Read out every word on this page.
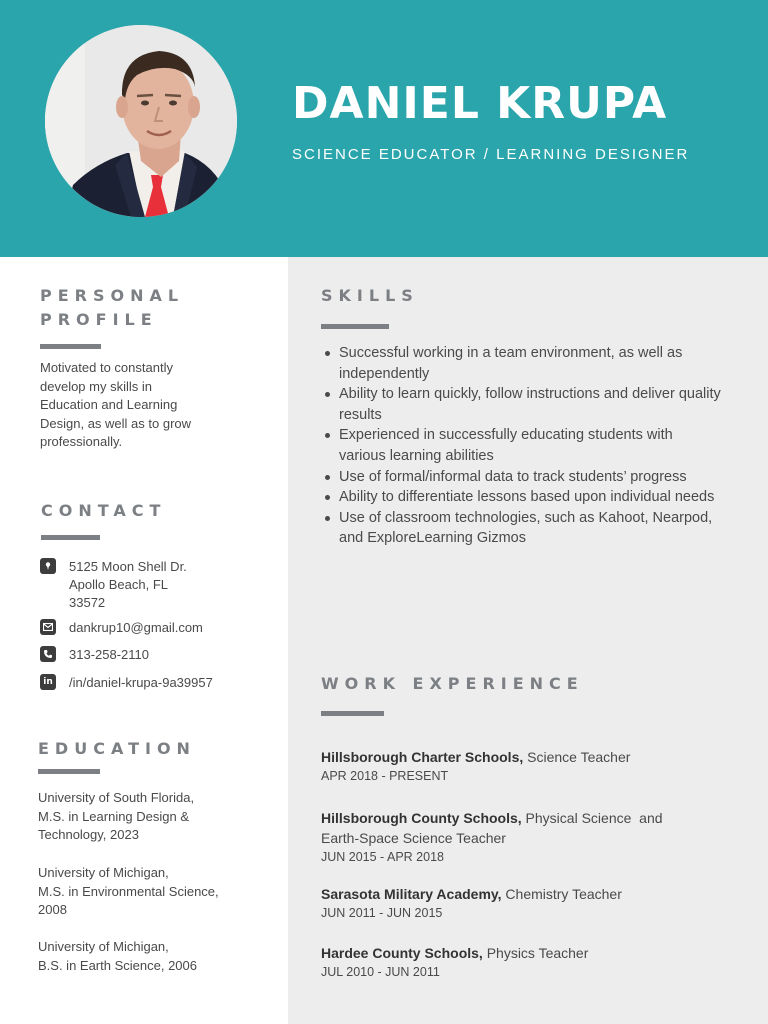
DANIEL KRUPA
SCIENCE EDUCATOR / LEARNING DESIGNER
PERSONAL
PROFILE
Motivated to constantly
develop my skills in
Education and Learning
Design, as well as to grow
professionally.
CONTACT
5125 Moon Shell Dr.
Apollo Beach, FL
33572
dankrup10@gmail.com
313-258-2110
in /in/daniel-krupa-9a39957
EDUCATION
University of South Florida,
M.S. in Learning Design &
Technology, 2023
University of Michigan,
M.S. in Environmental Science,
2008
University of Michigan,
B.S. in Earth Science, 2006
SKILLS
Successful working in a team environment, as well as independently
Ability to learn quickly, follow instructions and deliver quality results
Experienced in successfully educating students with various learning abilities
Use of formal/informal data to track students’ progress
Ability to differentiate lessons based upon individual needs
Use of classroom technologies, such as Kahoot, Nearpod, and ExploreLearning Gizmos
WORK EXPERIENCE
Hillsborough Charter Schools, Science Teacher
APR 2018 - PRESENT
Hillsborough County Schools, Physical Science  and
Earth-Space Science Teacher
JUN 2015 - APR 2018
Sarasota Military Academy, Chemistry Teacher
JUN 2011 - JUN 2015
Hardee County Schools, Physics Teacher
JUL 2010 - JUN 2011
